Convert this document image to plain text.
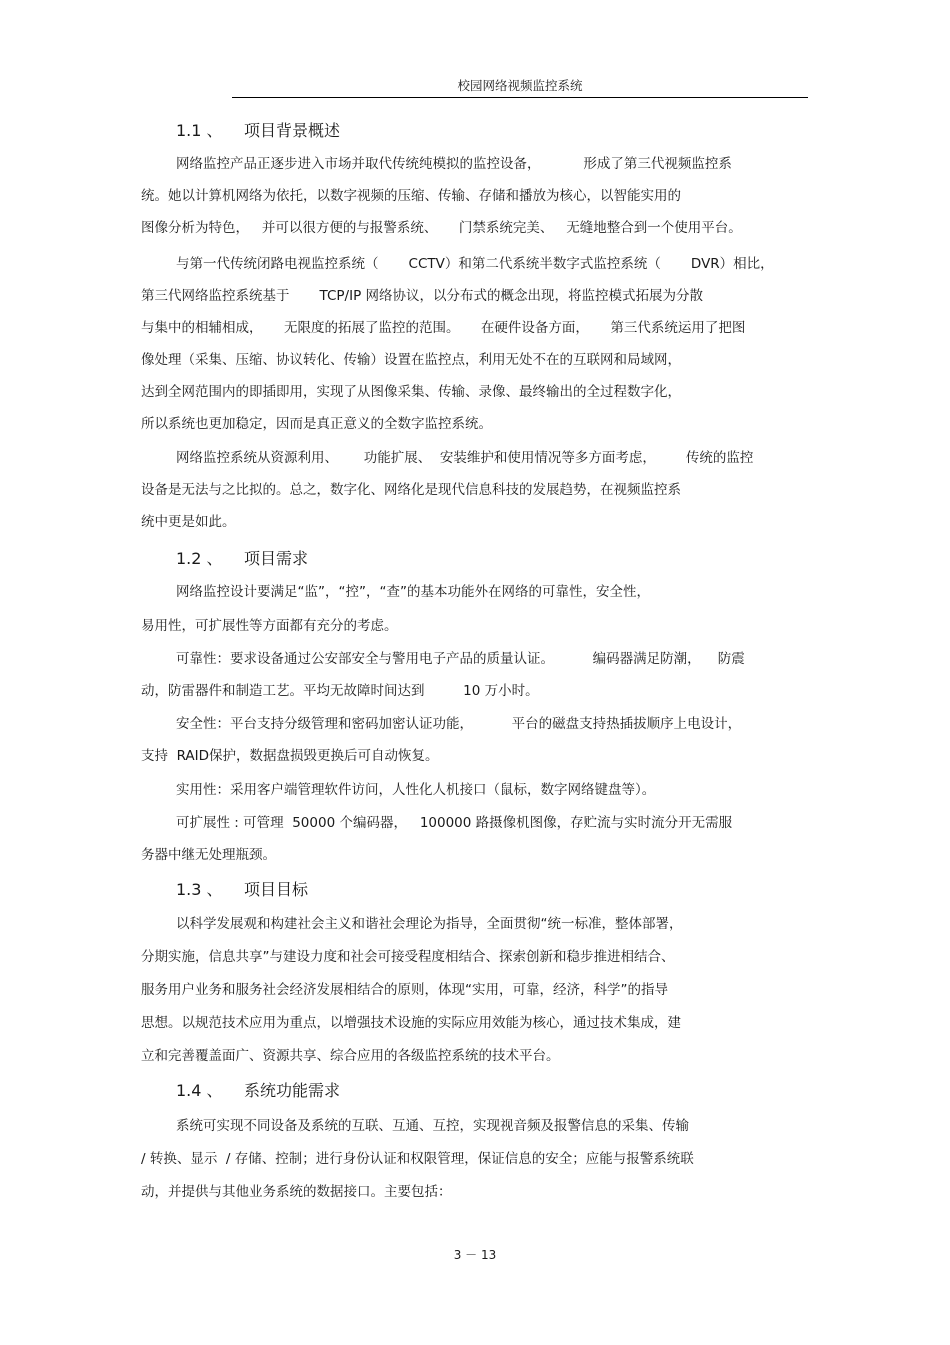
校园网络视频监控系统
1.1 、 项目背景概述
网络监控产品正逐步进入市场并取代传统纯模拟的监控设备，          形成了第三代视频监控系
统。她以计算机网络为依托，以数字视频的压缩、传输、存储和播放为核心，以智能实用的
图像分析为特色，   并可以很方便的与报警系统、     门禁系统完美、   无缝地整合到一个使用平台。
与第一代传统闭路电视监控系统（       CCTV）和第二代系统半数字式监控系统（       DVR）相比，
第三代网络监控系统基于       TCP/IP 网络协议，以分布式的概念出现，将监控模式拓展为分散
与集中的相辅相成，     无限度的拓展了监控的范围。     在硬件设备方面，     第三代系统运用了把图
像处理（采集、压缩、协议转化、传输）设置在监控点，利用无处不在的互联网和局域网，
达到全网范围内的即插即用，实现了从图像采集、传输、录像、最终输出的全过程数字化，
所以系统也更加稳定，因而是真正意义的全数字监控系统。
网络监控系统从资源利用、      功能扩展、  安装维护和使用情况等多方面考虑，       传统的监控
设备是无法与之比拟的。总之，数字化、网络化是现代信息科技的发展趋势，在视频监控系
统中更是如此。
1.2 、 项目需求
网络监控设计要满足“监”，“控”，“查”的基本功能外在网络的可靠性，安全性，
易用性，可扩展性等方面都有充分的考虑。
可靠性：要求设备通过公安部安全与警用电子产品的质量认证。         编码器满足防潮，    防震
动，防雷器件和制造工艺。平均无故障时间达到         10 万小时。
安全性：平台支持分级管理和密码加密认证功能，         平台的磁盘支持热插拔顺序上电设计，
支持  RAID保护，数据盘损毁更换后可自动恢复。
实用性：采用客户端管理软件访问，人性化人机接口（鼠标，数字网络键盘等）。
可扩展性 : 可管理  50000 个编码器，   100000 路摄像机图像，存贮流与实时流分开无需服
务器中继无处理瓶颈。
1.3 、 项目目标
以科学发展观和构建社会主义和谐社会理论为指导，全面贯彻“统一标准，整体部署，
分期实施，信息共享”与建设力度和社会可接受程度相结合、探索创新和稳步推进相结合、
服务用户业务和服务社会经济发展相结合的原则，体现“实用，可靠，经济，科学”的指导
思想。以规范技术应用为重点，以增强技术设施的实际应用效能为核心，通过技术集成，建
立和完善覆盖面广、资源共享、综合应用的各级监控系统的技术平台。
1.4 、 系统功能需求
系统可实现不同设备及系统的互联、互通、互控，实现视音频及报警信息的采集、传输
/ 转换、显示  / 存储、控制；进行身份认证和权限管理，保证信息的安全；应能与报警系统联
动，并提供与其他业务系统的数据接口。主要包括：
3 － 13
